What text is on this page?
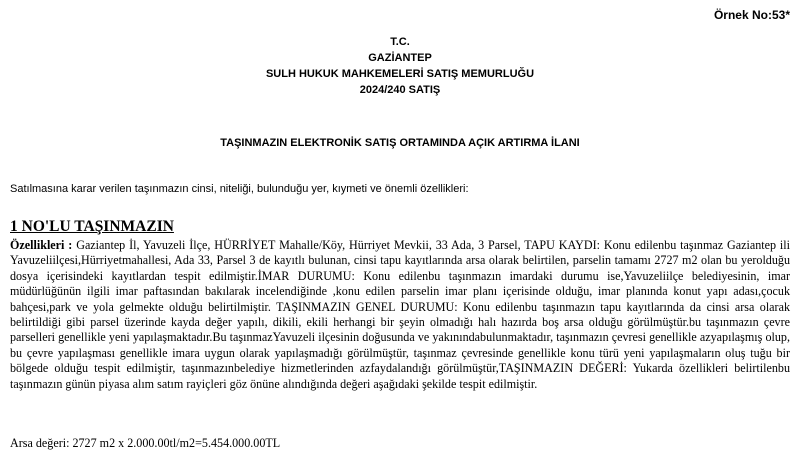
Örnek No:53*
T.C.
GAZİANTEP
SULH HUKUK MAHKEMELERİ SATIŞ MEMURLUĞU
2024/240 SATIŞ
TAŞINMAZIN ELEKTRONİK SATIŞ ORTAMINDA AÇIK ARTIRMA İLANI
Satılmasına karar verilen taşınmazın cinsi, niteliği, bulunduğu yer, kıymeti ve önemli özellikleri:
1 NO'LU TAŞINMAZIN
Özellikleri : Gaziantep İl, Yavuzeli İlçe, HÜRRİYET Mahalle/Köy, Hürriyet Mevkii, 33 Ada, 3 Parsel, TAPU KAYDI: Konu edilenbu taşınmaz Gaziantep ili Yavuzeliilçesi,Hürriyetmahallesi, Ada 33, Parsel 3 de kayıtlı bulunan, cinsi tapu kayıtlarında arsa olarak belirtilen, parselin tamamı 2727 m2 olan bu yerolduğu dosya içerisindeki kayıtlardan tespit edilmiştir.İMAR DURUMU: Konu edilenbu taşınmazın imardaki durumu ise,Yavuzeliilçe belediyesinin, imar müdürlüğünün ilgili imar paftasından bakılarak incelendiğinde ,konu edilen parselin imar planı içerisinde olduğu, imar planında konut yapı adası,çocuk bahçesi,park ve yola gelmekte olduğu belirtilmiştir. TAŞINMAZIN GENEL DURUMU: Konu edilenbu taşınmazın tapu kayıtlarında da cinsi arsa olarak belirtildiği gibi parsel üzerinde kayda değer yapılı, dikili, ekili herhangi bir şeyin olmadığı halı hazırda boş arsa olduğu görülmüştür.bu taşınmazın çevre parselleri genellikle yeni yapılaşmaktadır.Bu taşınmazYavuzeli ilçesinin doğusunda ve yakınındabulunmaktadır, taşınmazın çevresi genellikle azyapılaşmış olup, bu çevre yapılaşması genellikle imara uygun olarak yapılaşmadığı görülmüştür, taşınmaz çevresinde genellikle konu türü yeni yapılaşmaların oluş tuğu bir bölgede olduğu tespit edilmiştir, taşınmazınbelediye hizmetlerinden azfaydalandığı görülmüştür,TAŞINMAZIN DEĞERİ: Yukarda özellikleri belirtilenbu taşınmazın günün piyasa alım satım rayiçleri göz önüne alındığında değeri aşağıdaki şekilde tespit edilmiştir.
Arsa değeri: 2727 m2 x 2.000.00tl/m2=5.454.000.00TL
